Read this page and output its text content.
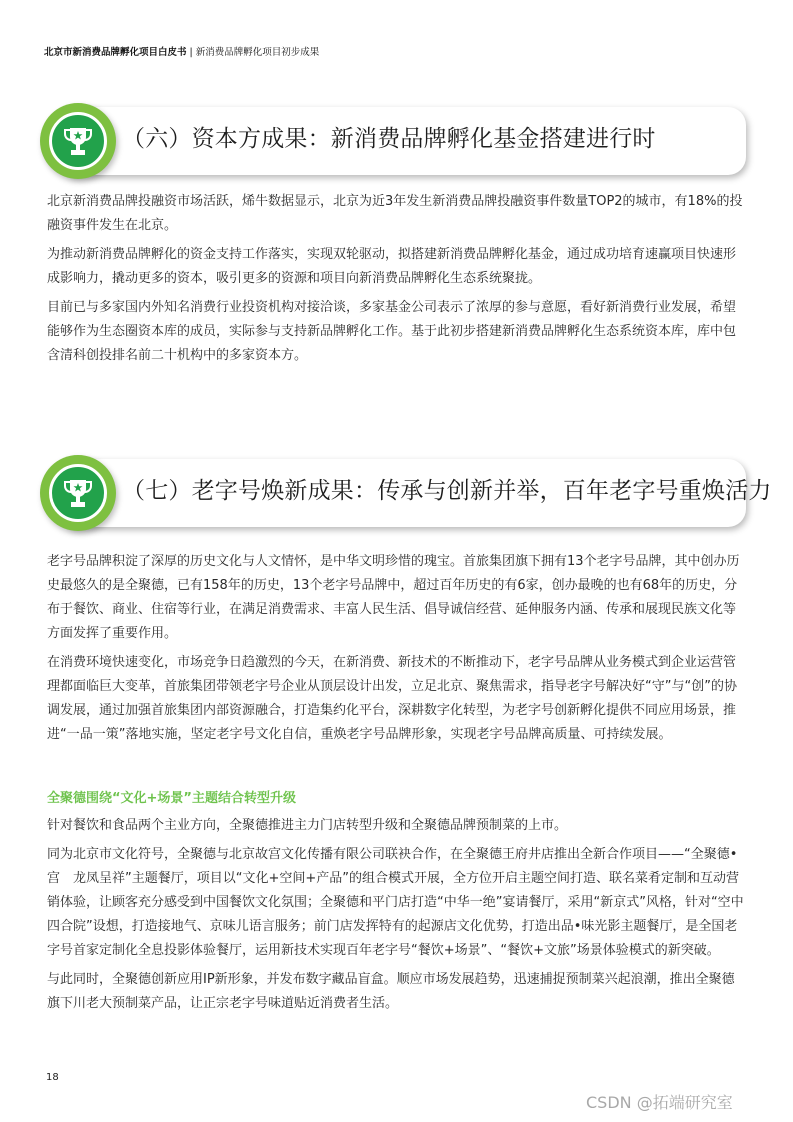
北京市新消费品牌孵化项目白皮书 | 新消费品牌孵化项目初步成果
（六）资本方成果：新消费品牌孵化基金搭建进行时

北京新消费品牌投融资市场活跃，烯牛数据显示，北京为近3年发生新消费品牌投融资事件数量TOP2的城市，有18%的投融资事件发生在北京。

为推动新消费品牌孵化的资金支持工作落实，实现双轮驱动，拟搭建新消费品牌孵化基金，通过成功培育速赢项目快速形成影响力，撬动更多的资本，吸引更多的资源和项目向新消费品牌孵化生态系统聚拢。

目前已与多家国内外知名消费行业投资机构对接洽谈，多家基金公司表示了浓厚的参与意愿，看好新消费行业发展，希望能够作为生态圈资本库的成员，实际参与支持新品牌孵化工作。基于此初步搭建新消费品牌孵化生态系统资本库，库中包含清科创投排名前二十机构中的多家资本方。

（七）老字号焕新成果：传承与创新并举，百年老字号重焕活力

老字号品牌积淀了深厚的历史文化与人文情怀，是中华文明珍惜的瑰宝。首旅集团旗下拥有13个老字号品牌，其中创办历史最悠久的是全聚德，已有158年的历史，13个老字号品牌中，超过百年历史的有6家，创办最晚的也有68年的历史，分布于餐饮、商业、住宿等行业，在满足消费需求、丰富人民生活、倡导诚信经营、延伸服务内涵、传承和展现民族文化等方面发挥了重要作用。

在消费环境快速变化，市场竞争日趋激烈的今天，在新消费、新技术的不断推动下，老字号品牌从业务模式到企业运营管理都面临巨大变革，首旅集团带领老字号企业从顶层设计出发，立足北京、聚焦需求，指导老字号解决好“守”与“创”的协调发展，通过加强首旅集团内部资源融合，打造集约化平台，深耕数字化转型，为老字号创新孵化提供不同应用场景，推进“一品一策”落地实施，坚定老字号文化自信，重焕老字号品牌形象，实现老字号品牌高质量、可持续发展。

全聚德围绕“文化+场景”主题结合转型升级

针对餐饮和食品两个主业方向，全聚德推进主力门店转型升级和全聚德品牌预制菜的上市。

同为北京市文化符号，全聚德与北京故宫文化传播有限公司联袂合作，在全聚德王府井店推出全新合作项目——“全聚德•宫　龙凤呈祥”主题餐厅，项目以“文化+空间+产品”的组合模式开展，全方位开启主题空间打造、联名菜肴定制和互动营销体验，让顾客充分感受到中国餐饮文化氛围；全聚德和平门店打造“中华一绝”宴请餐厅，采用“新京式”风格，针对“空中四合院”设想，打造接地气、京味儿语言服务；前门店发挥特有的起源店文化优势，打造出品•味光影主题餐厅，是全国老字号首家定制化全息投影体验餐厅，运用新技术实现百年老字号“餐饮+场景”、“餐饮+文旅”场景体验模式的新突破。

与此同时，全聚德创新应用IP新形象，并发布数字藏品盲盒。顺应市场发展趋势，迅速捕捉预制菜兴起浪潮，推出全聚德旗下川老大预制菜产品，让正宗老字号味道贴近消费者生活。

18
CSDN @拓端研究室
